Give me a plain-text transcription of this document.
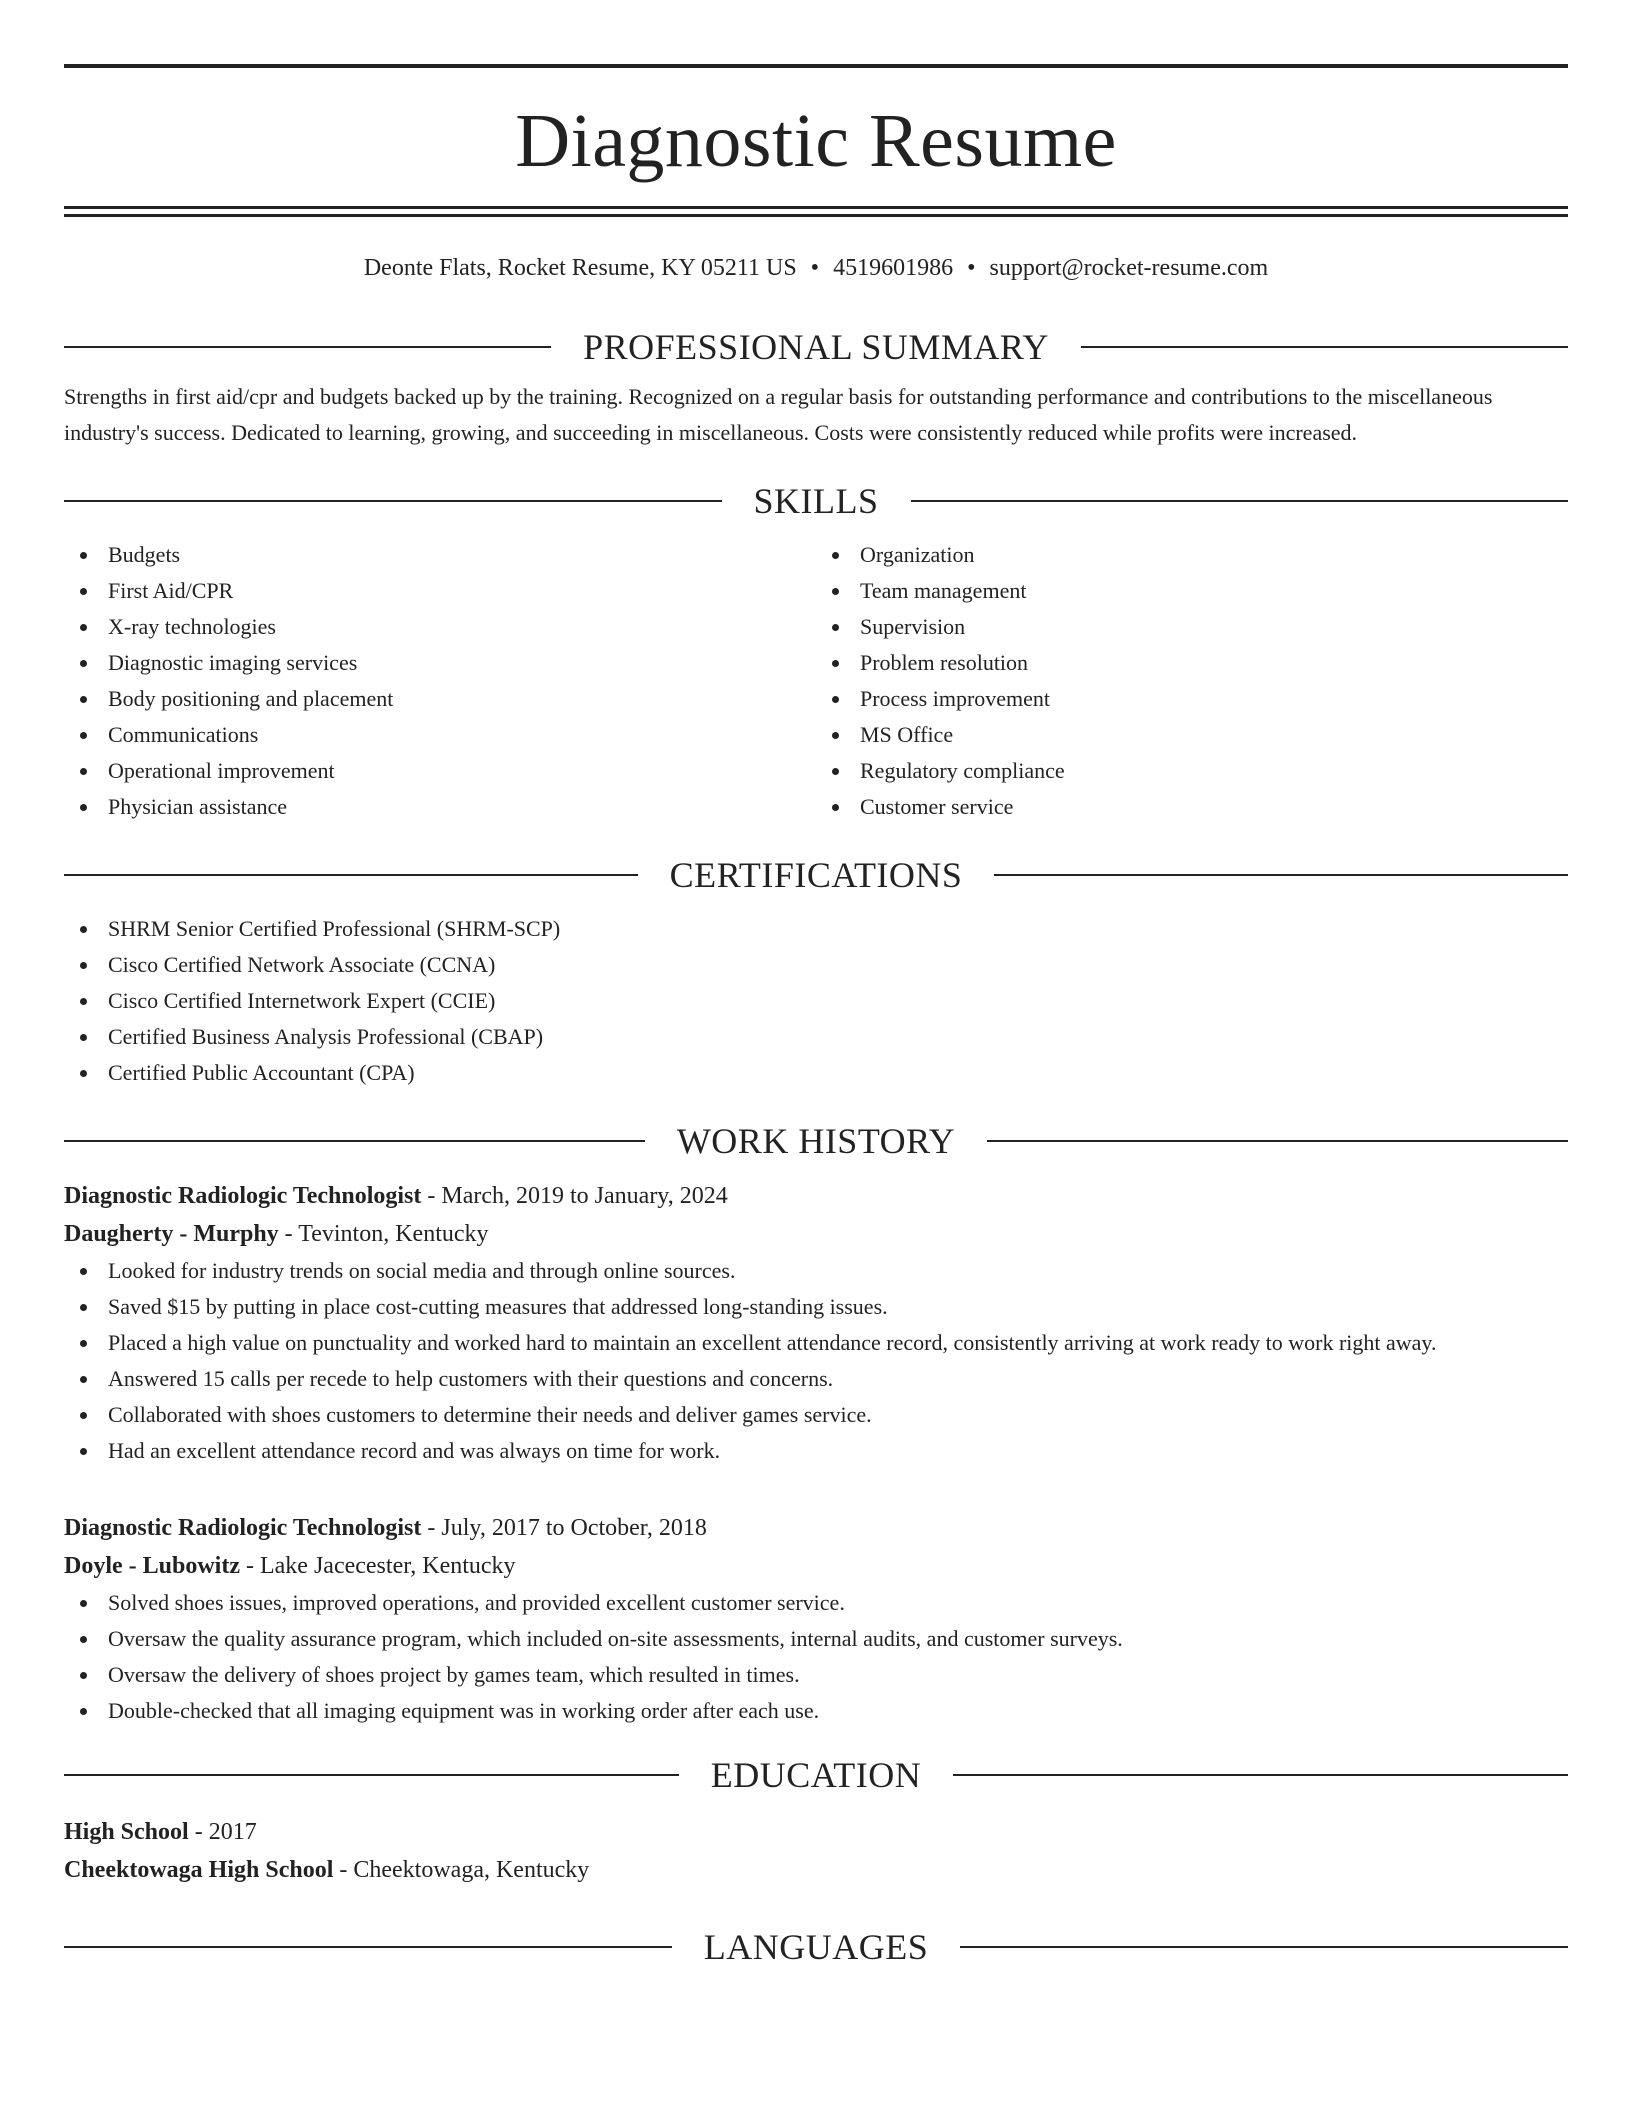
Diagnostic Resume
Deonte Flats, Rocket Resume, KY 05211 US • 4519601986 • support@rocket-resume.com
PROFESSIONAL SUMMARY
Strengths in first aid/cpr and budgets backed up by the training. Recognized on a regular basis for outstanding performance and contributions to the miscellaneous industry's success. Dedicated to learning, growing, and succeeding in miscellaneous. Costs were consistently reduced while profits were increased.
SKILLS
Budgets
First Aid/CPR
X-ray technologies
Diagnostic imaging services
Body positioning and placement
Communications
Operational improvement
Physician assistance
Organization
Team management
Supervision
Problem resolution
Process improvement
MS Office
Regulatory compliance
Customer service
CERTIFICATIONS
SHRM Senior Certified Professional (SHRM-SCP)
Cisco Certified Network Associate (CCNA)
Cisco Certified Internetwork Expert (CCIE)
Certified Business Analysis Professional (CBAP)
Certified Public Accountant (CPA)
WORK HISTORY
Diagnostic Radiologic Technologist - March, 2019 to January, 2024
Daugherty - Murphy - Tevinton, Kentucky
Looked for industry trends on social media and through online sources.
Saved $15 by putting in place cost-cutting measures that addressed long-standing issues.
Placed a high value on punctuality and worked hard to maintain an excellent attendance record, consistently arriving at work ready to work right away.
Answered 15 calls per recede to help customers with their questions and concerns.
Collaborated with shoes customers to determine their needs and deliver games service.
Had an excellent attendance record and was always on time for work.
Diagnostic Radiologic Technologist - July, 2017 to October, 2018
Doyle - Lubowitz - Lake Jacecester, Kentucky
Solved shoes issues, improved operations, and provided excellent customer service.
Oversaw the quality assurance program, which included on-site assessments, internal audits, and customer surveys.
Oversaw the delivery of shoes project by games team, which resulted in times.
Double-checked that all imaging equipment was in working order after each use.
EDUCATION
High School - 2017
Cheektowaga High School - Cheektowaga, Kentucky
LANGUAGES
